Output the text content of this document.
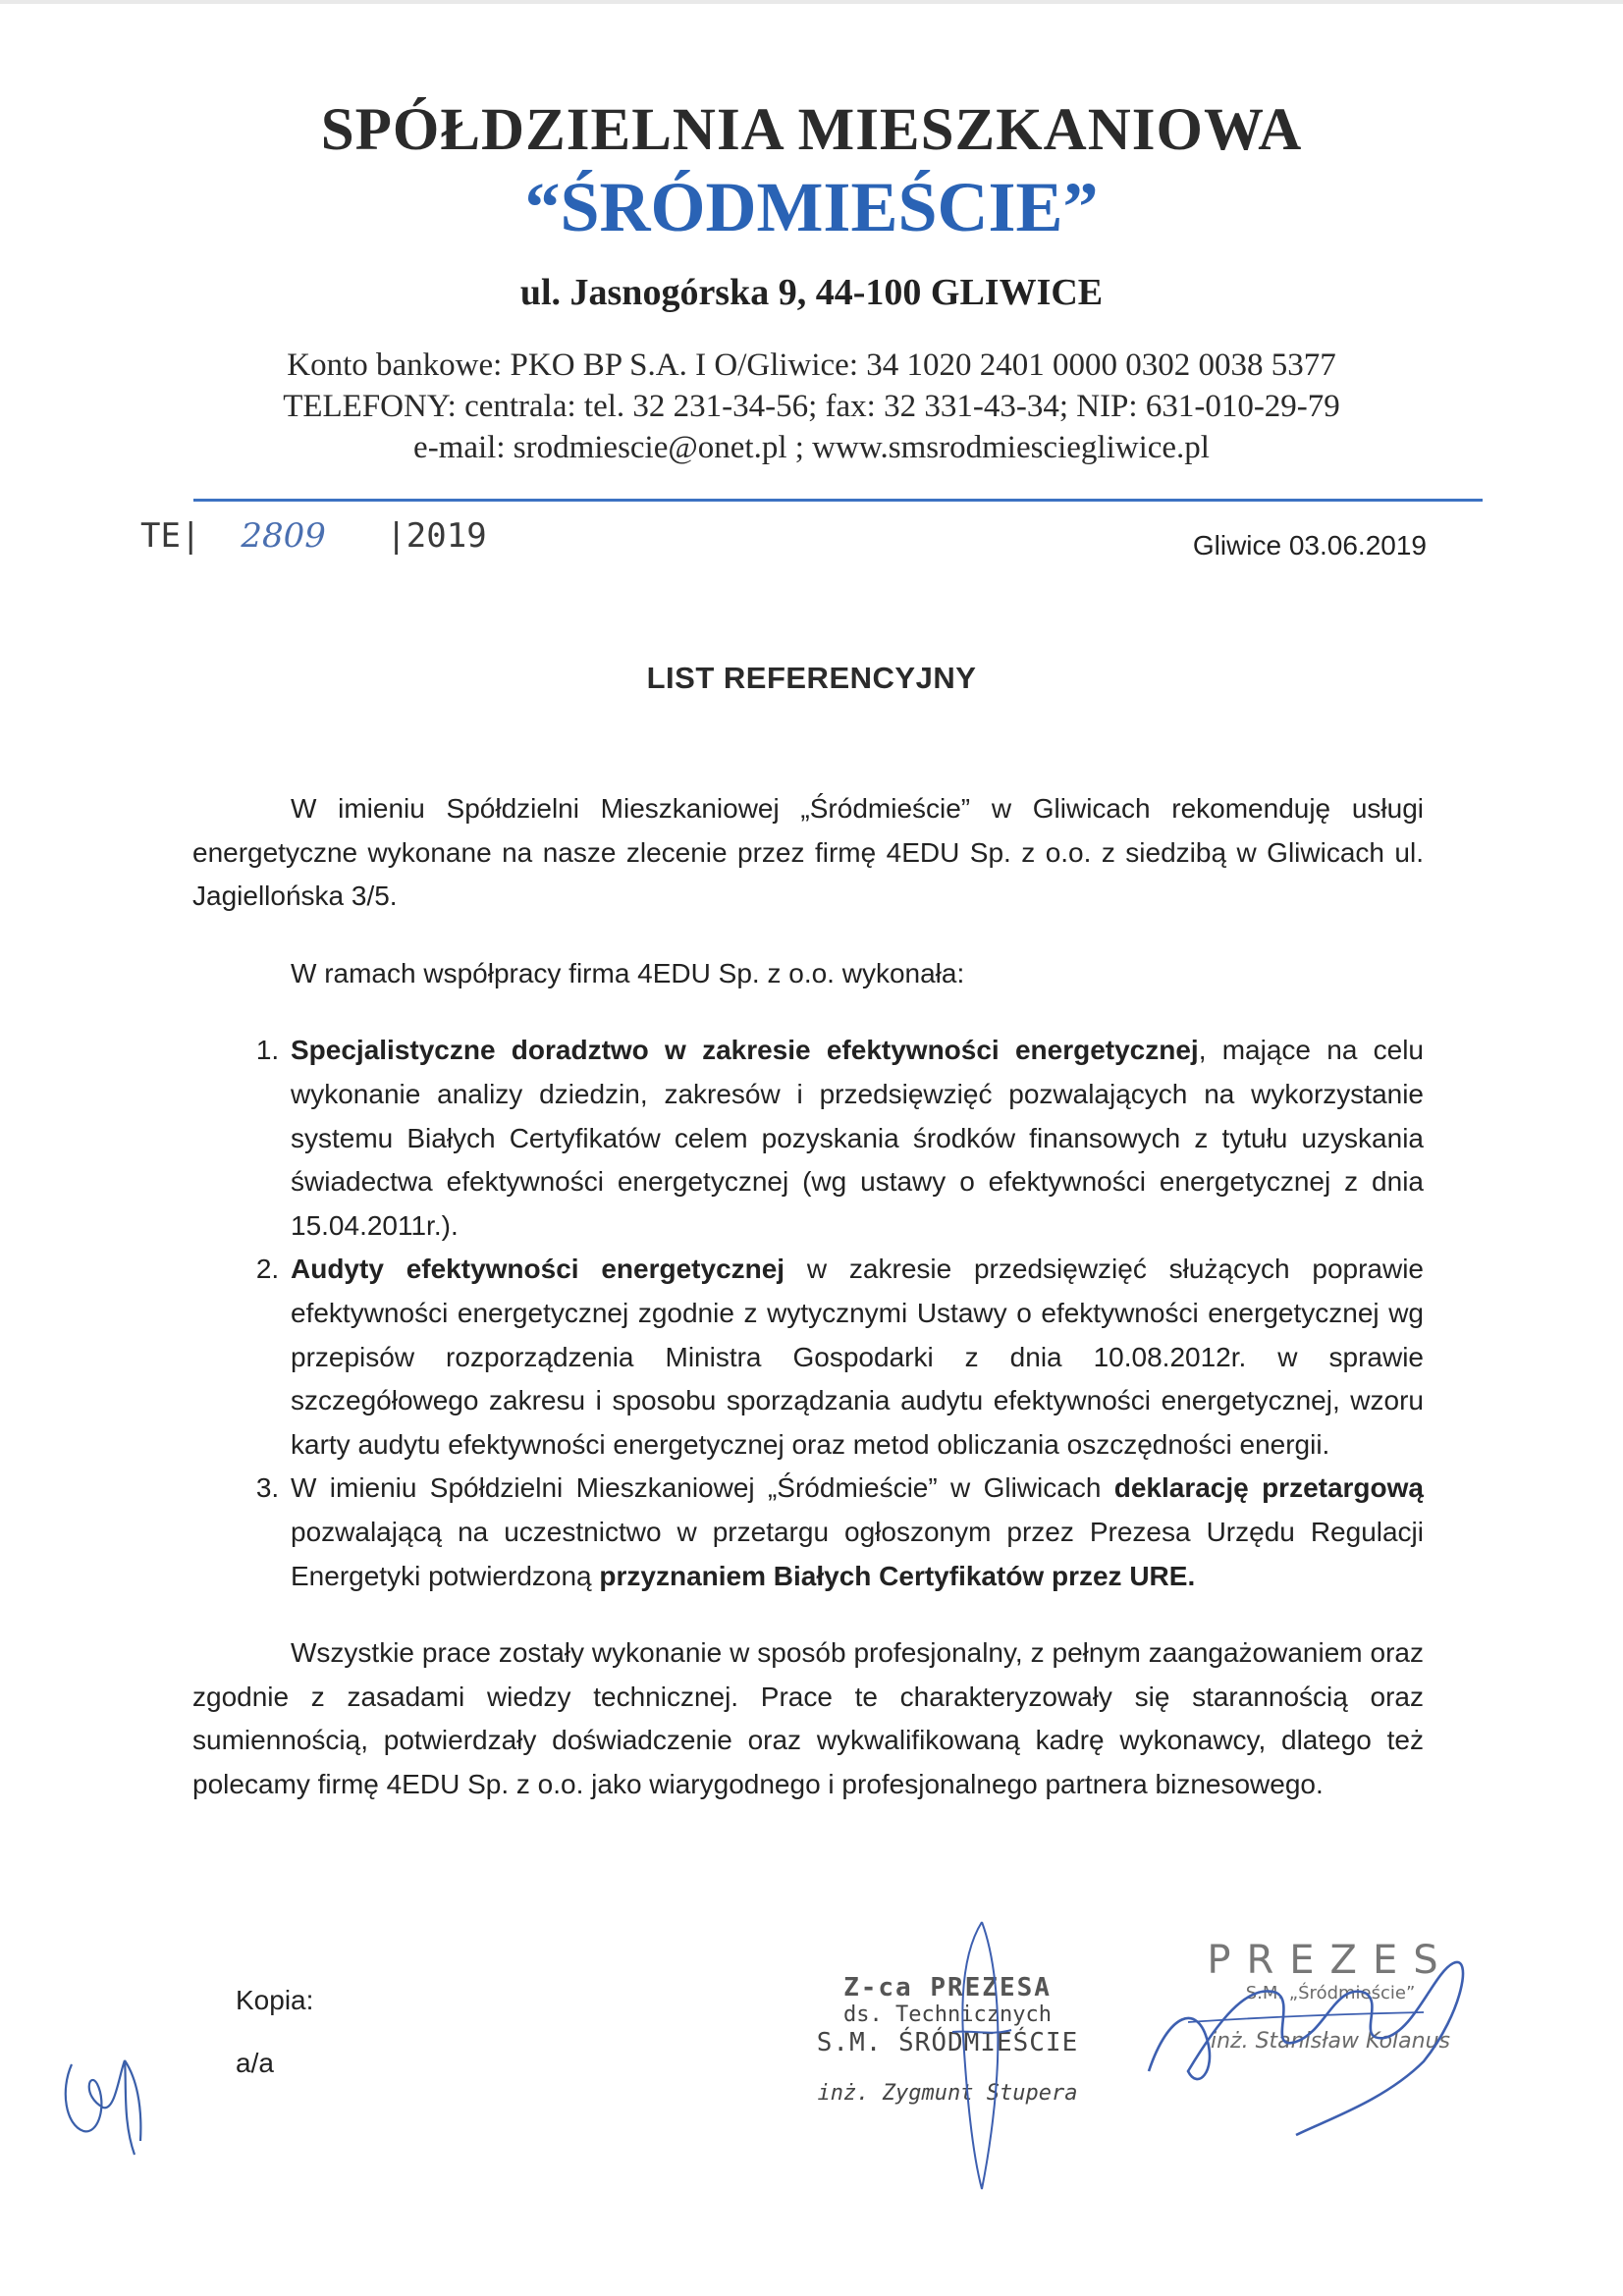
SPÓŁDZIELNIA MIESZKANIOWA
“ŚRÓDMIEŚCIE”
ul. Jasnogórska 9, 44-100 GLIWICE
Konto bankowe: PKO BP S.A. I O/Gliwice: 34 1020 2401 0000 0302 0038 5377
TELEFONY: centrala: tel. 32 231-34-56; fax: 32 331-43-34; NIP: 631-010-29-79
e-mail: srodmiescie@onet.pl ; www.smsrodmiesciegliwice.pl
TE| 2809 |2019	Gliwice 03.06.2019
LIST REFERENCYJNY

W imieniu Spółdzielni Mieszkaniowej „Śródmieście” w Gliwicach rekomenduję usługi energetyczne wykonane na nasze zlecenie przez firmę 4EDU Sp. z o.o. z siedzibą w Gliwicach ul. Jagiellońska 3/5.

W ramach współpracy firma 4EDU Sp. z o.o. wykonała:

1. Specjalistyczne doradztwo w zakresie efektywności energetycznej, mające na celu wykonanie analizy dziedzin, zakresów i przedsięwzięć pozwalających na wykorzystanie systemu Białych Certyfikatów celem pozyskania środków finansowych z tytułu uzyskania świadectwa efektywności energetycznej (wg ustawy o efektywności energetycznej z dnia 15.04.2011r.).
2. Audyty efektywności energetycznej w zakresie przedsięwzięć służących poprawie efektywności energetycznej zgodnie z wytycznymi Ustawy o efektywności energetycznej wg przepisów rozporządzenia Ministra Gospodarki z dnia 10.08.2012r. w sprawie szczegółowego zakresu i sposobu sporządzania audytu efektywności energetycznej, wzoru karty audytu efektywności energetycznej oraz metod obliczania oszczędności energii.
3. W imieniu Spółdzielni Mieszkaniowej „Śródmieście” w Gliwicach deklarację przetargową pozwalającą na uczestnictwo w przetargu ogłoszonym przez Prezesa Urzędu Regulacji Energetyki potwierdzoną przyznaniem Białych Certyfikatów przez URE.

Wszystkie prace zostały wykonanie w sposób profesjonalny, z pełnym zaangażowaniem oraz zgodnie z zasadami wiedzy technicznej. Prace te charakteryzowały się starannością oraz sumiennością, potwierdzały doświadczenie oraz wykwalifikowaną kadrę wykonawcy, dlatego też polecamy firmę 4EDU Sp. z o.o. jako wiarygodnego i profesjonalnego partnera biznesowego.

Kopia:
a/a
Z-ca PREZESA
ds. Technicznych
S.M. ŚRÓDMIEŚCIE
inż. Zygmunt Stupera
PREZES
S.M. „Śródmieście”
inż. Stanisław Kolanus
